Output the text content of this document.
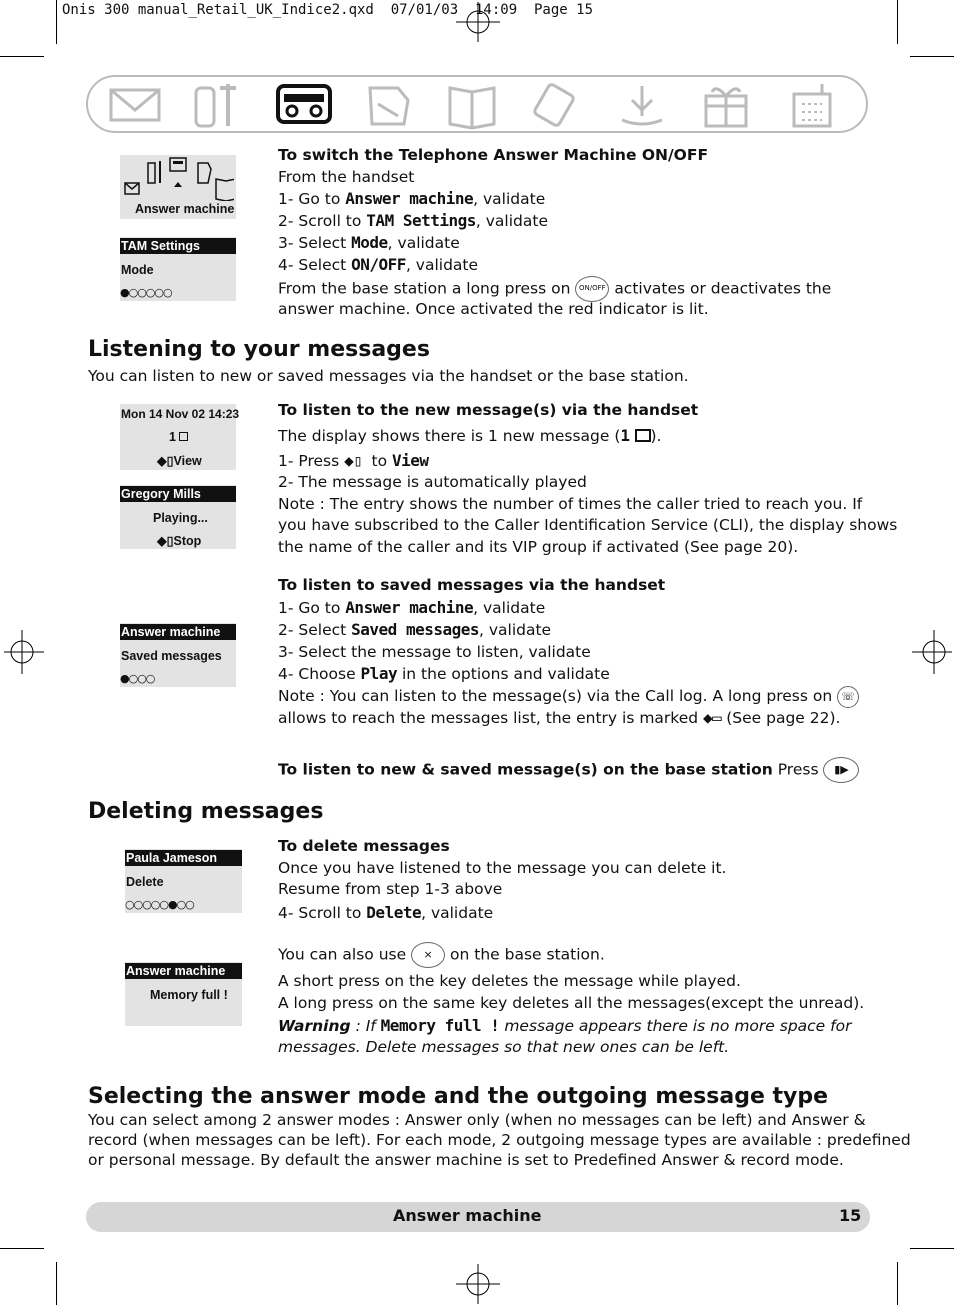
Onis 300 manual_Retail_UK_Indice2.qxd  07/01/03  14:09  Page 15
Answer machine
TAM Settings
Mode
●○○○○○
To switch the Telephone Answer Machine ON/OFF
From the handset
1- Go to Answer machine, validate
2- Scroll to TAM Settings, validate
3- Select Mode, validate
4- Select ON/OFF, validate
From the base station a long press on ON/OFF activates or deactivates the
answer machine. Once activated the red indicator is lit.
Listening to your messages
You can listen to new or saved messages via the handset or the base station.
Mon 14 Nov 02 14:23
1
◆▯View
Gregory Mills
Playing...
◆▯Stop
To listen to the new message(s) via the handset
The display shows there is 1 new message (1 ).
1- Press ◆▯ to View
2- The message is automatically played
Note : The entry shows the number of times the caller tried to reach you. If
you have subscribed to the Caller Identification Service (CLI), the display shows
the name of the caller and its VIP group if activated (See page 20).
Answer machine
Saved messages
●○○○
To listen to saved messages via the handset
1- Go to Answer machine, validate
2- Select Saved messages, validate
3- Select the message to listen, validate
4- Choose Play in the options and validate
Note : You can listen to the message(s) via the Call log. A long press on ☏
allows to reach the messages list, the entry is marked ◆▭ (See page 22).
To listen to new & saved message(s) on the base station Press ▮▶
Deleting messages
Paula Jameson
Delete
○○○○○●○○
Answer machine
Memory full !
To delete messages
Once you have listened to the message you can delete it.
Resume from step 1-3 above
4- Scroll to Delete, validate
You can also use × on the base station.
A short press on the key deletes the message while played.
A long press on the same key deletes all the messages(except the unread).
Warning : If Memory full ! message appears there is no more space for
messages. Delete messages so that new ones can be left.
Selecting the answer mode and the outgoing message type
You can select among 2 answer modes : Answer only (when no messages can be left) and Answer &
record (when messages can be left). For each mode, 2 outgoing message types are available : predefined
or personal message. By default the answer machine is set to Predefined Answer & record mode.
Answer machine	15
